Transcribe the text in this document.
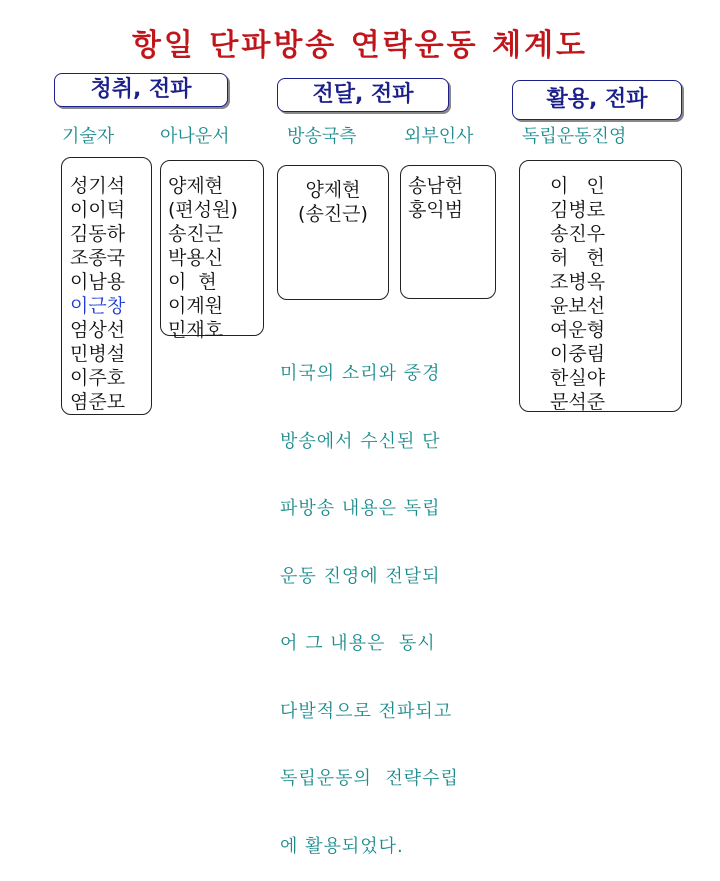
항일 단파방송 연락운동 체계도
청취, 전파	전달, 전파	활용, 전파
기술자	아나운서	방송국측	외부인사	독립운동진영
성기석
이이덕
김동하
조종국
이남용
이근창
엄상선
민병설
이주호
염준모
양제현
(편성원)
송진근
박용신
이  현
이계원
민재호
양제현
(송진근)
송남헌
홍익범
이   인
김병로
송진우
허   헌
조병옥
윤보선
여운형
이중림
한실야
문석준

미국의 소리와 중경

방송에서 수신된 단

파방송 내용은 독립

운동 진영에 전달되

어 그 내용은  동시

다발적으로 전파되고

독립운동의  전략수립

에 활용되었다.
